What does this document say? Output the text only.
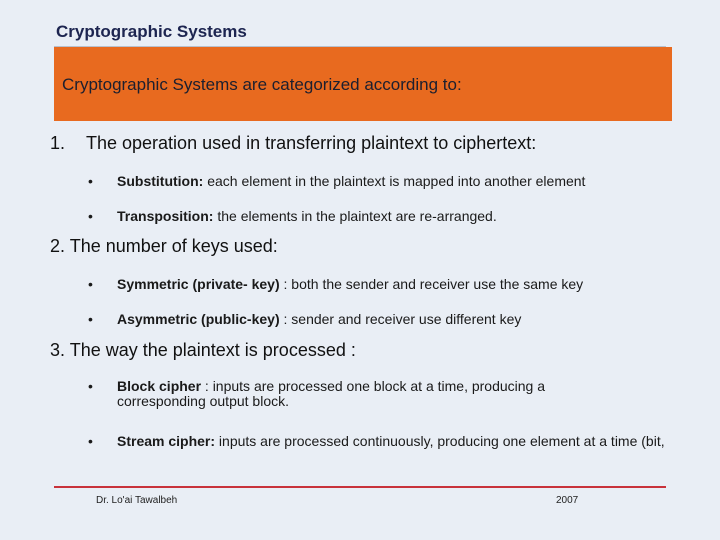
Cryptographic Systems
Cryptographic Systems are categorized according to:
1. The operation used in transferring plaintext to ciphertext:
• Substitution: each element in the plaintext is mapped into another element
• Transposition: the elements in the plaintext are re-arranged.
2. The number of keys used:
• Symmetric (private- key) : both the sender and receiver use the same key
• Asymmetric (public-key) : sender and receiver use different key
3. The way the plaintext is processed :
• Block cipher : inputs are processed one block at a time, producing a corresponding output block.
• Stream cipher: inputs are processed continuously, producing one element at a time (bit,
Dr. Lo'ai Tawalbeh	2007
